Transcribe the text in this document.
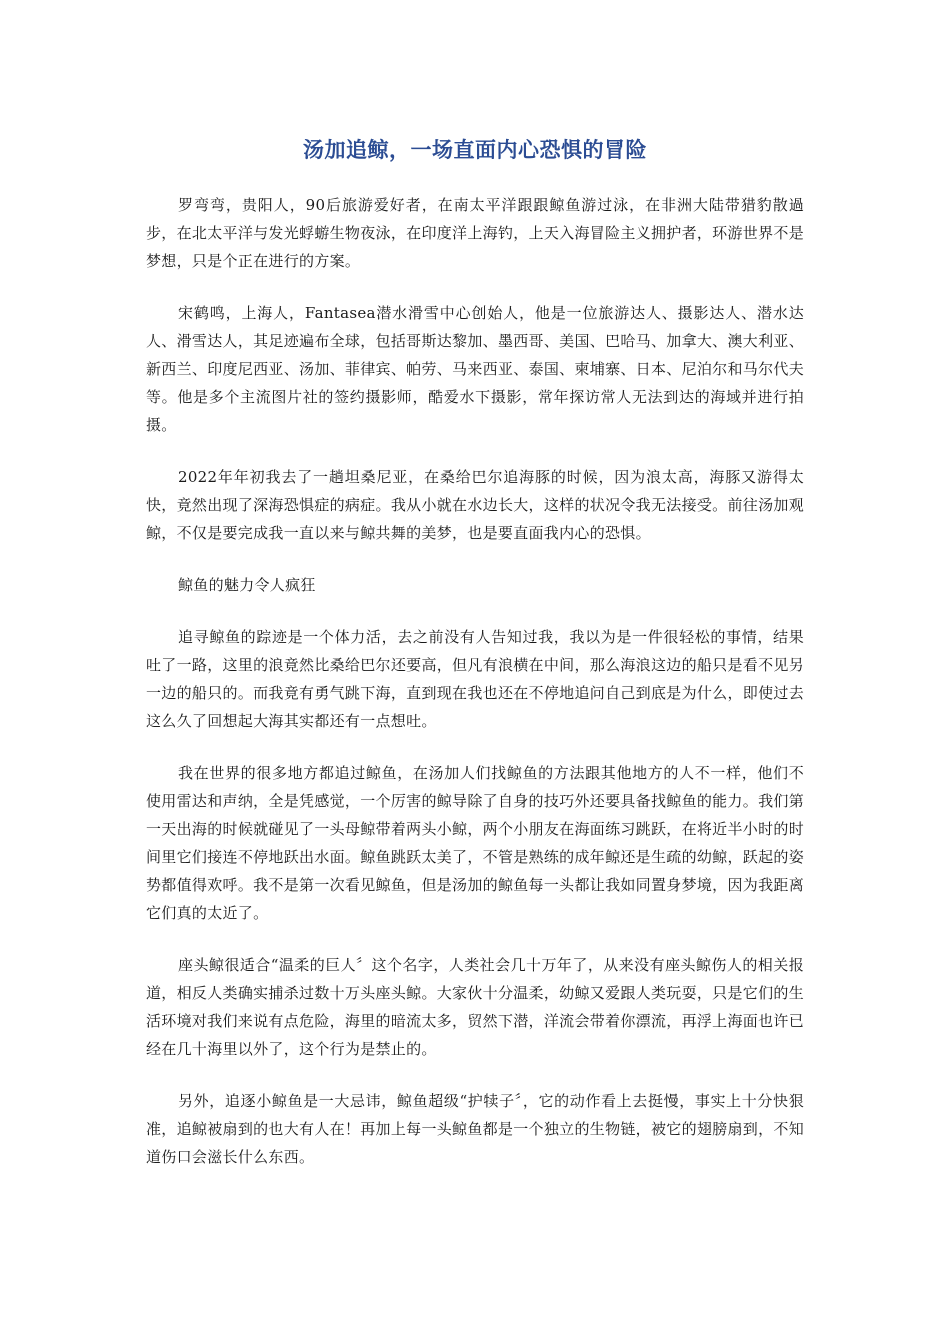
汤加追鲸，一场直面内心恐惧的冒险

罗弯弯，贵阳人，90后旅游爱好者，在南太平洋跟跟鲸鱼游过泳，在非洲大陆带猎豹散過步，在北太平洋与发光蜉蝣生物夜泳，在印度洋上海钓，上天入海冒险主义拥护者，环游世界不是梦想，只是个正在进行的方案。

宋鹤鸣，上海人，Fantasea潜水滑雪中心创始人，他是一位旅游达人、摄影达人、潜水达人、滑雪达人，其足迹遍布全球，包括哥斯达黎加、墨西哥、美国、巴哈马、加拿大、澳大利亚、新西兰、印度尼西亚、汤加、菲律宾、帕劳、马来西亚、泰国、柬埔寨、日本、尼泊尔和马尔代夫等。他是多个主流图片社的签约摄影师，酷爱水下摄影，常年探访常人无法到达的海域并进行拍摄。

2022年年初我去了一趟坦桑尼亚，在桑给巴尔追海豚的时候，因为浪太高，海豚又游得太快，竟然出现了深海恐惧症的病症。我从小就在水边长大，这样的状况令我无法接受。前往汤加观鲸，不仅是要完成我一直以来与鲸共舞的美梦，也是要直面我内心的恐惧。

鲸鱼的魅力令人疯狂

追寻鲸鱼的踪迹是一个体力活，去之前没有人告知过我，我以为是一件很轻松的事情，结果吐了一路，这里的浪竟然比桑给巴尔还要高，但凡有浪横在中间，那么海浪这边的船只是看不见另一边的船只的。而我竟有勇气跳下海，直到现在我也还在不停地追问自己到底是为什么，即使过去这么久了回想起大海其实都还有一点想吐。

我在世界的很多地方都追过鲸鱼，在汤加人们找鲸鱼的方法跟其他地方的人不一样，他们不使用雷达和声纳，全是凭感觉，一个厉害的鲸导除了自身的技巧外还要具备找鲸鱼的能力。我们第一天出海的时候就碰见了一头母鲸带着两头小鲸，两个小朋友在海面练习跳跃，在将近半小时的时间里它们接连不停地跃出水面。鲸鱼跳跃太美了，不管是熟练的成年鲸还是生疏的幼鲸，跃起的姿势都值得欢呼。我不是第一次看见鲸鱼，但是汤加的鲸鱼每一头都让我如同置身梦境，因为我距离它们真的太近了。

座头鲸很适合“温柔的巨人〞这个名字，人类社会几十万年了，从来没有座头鲸伤人的相关报道，相反人类确实捕杀过数十万头座头鲸。大家伙十分温柔，幼鲸又爱跟人类玩耍，只是它们的生活环境对我们来说有点危险，海里的暗流太多，贸然下潜，洋流会带着你漂流，再浮上海面也许已经在几十海里以外了，这个行为是禁止的。

另外，追逐小鲸鱼是一大忌讳，鲸鱼超级“护犊子〞，它的动作看上去挺慢，事实上十分快狠准，追鲸被扇到的也大有人在！再加上每一头鲸鱼都是一个独立的生物链，被它的翅膀扇到，不知道伤口会滋长什么东西。
